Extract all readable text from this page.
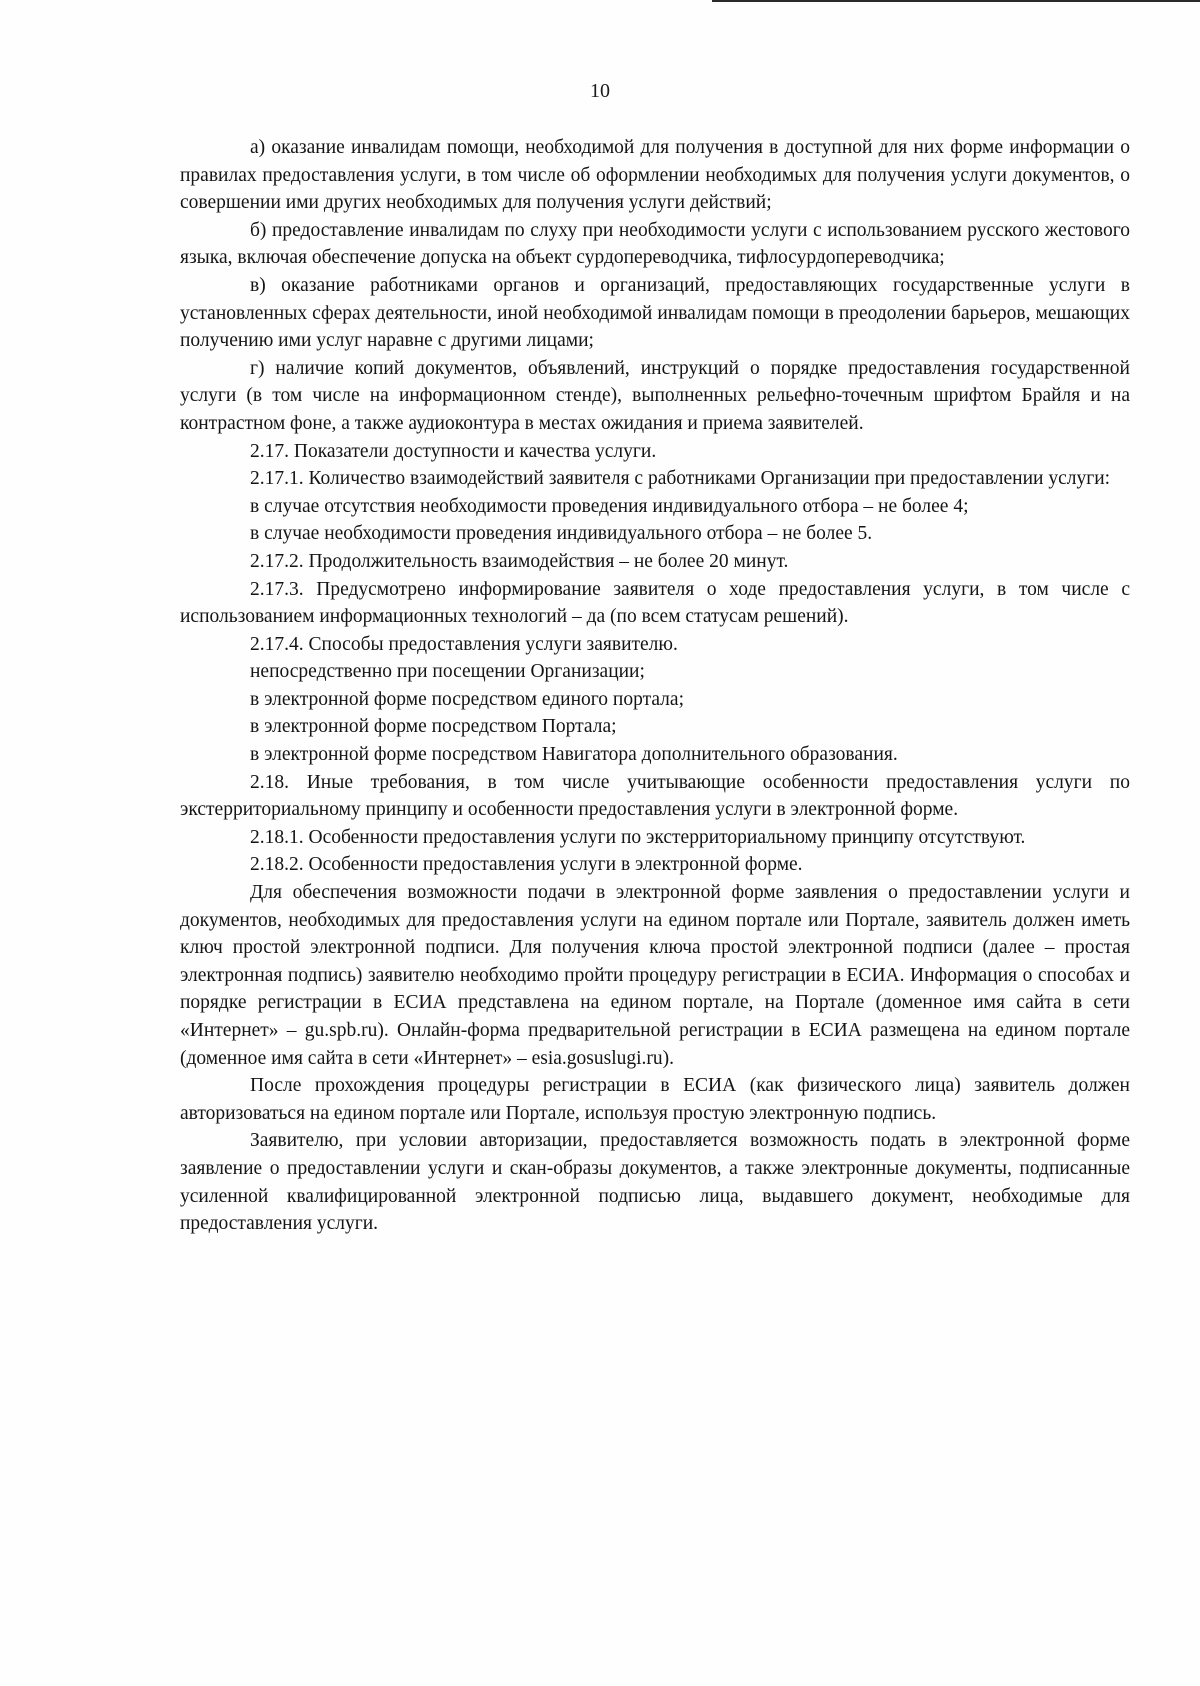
10

а) оказание инвалидам помощи, необходимой для получения в доступной для них форме информации о правилах предоставления услуги, в том числе об оформлении необходимых для получения услуги документов, о совершении ими других необходимых для получения услуги действий;

б) предоставление инвалидам по слуху при необходимости услуги с использованием русского жестового языка, включая обеспечение допуска на объект сурдопереводчика, тифлосурдопереводчика;

в) оказание работниками органов и организаций, предоставляющих государственные услуги в установленных сферах деятельности, иной необходимой инвалидам помощи в преодолении барьеров, мешающих получению ими услуг наравне с другими лицами;

г) наличие копий документов, объявлений, инструкций о порядке предоставления государственной услуги (в том числе на информационном стенде), выполненных рельефно-точечным шрифтом Брайля и на контрастном фоне, а также аудиоконтура в местах ожидания и приема заявителей.

2.17. Показатели доступности и качества услуги.

2.17.1. Количество взаимодействий заявителя с работниками Организации при предоставлении услуги:

в случае отсутствия необходимости проведения индивидуального отбора – не более 4;

в случае необходимости проведения индивидуального отбора – не более 5.

2.17.2. Продолжительность взаимодействия – не более 20 минут.

2.17.3. Предусмотрено информирование заявителя о ходе предоставления услуги, в том числе с использованием информационных технологий – да (по всем статусам решений).

2.17.4. Способы предоставления услуги заявителю.

непосредственно при посещении Организации;

в электронной форме посредством единого портала;

в электронной форме посредством Портала;

в электронной форме посредством Навигатора дополнительного образования.

2.18. Иные требования, в том числе учитывающие особенности предоставления услуги по экстерриториальному принципу и особенности предоставления услуги в электронной форме.

2.18.1. Особенности предоставления услуги по экстерриториальному принципу отсутствуют.

2.18.2. Особенности предоставления услуги в электронной форме.

Для обеспечения возможности подачи в электронной форме заявления о предоставлении услуги и документов, необходимых для предоставления услуги на едином портале или Портале, заявитель должен иметь ключ простой электронной подписи. Для получения ключа простой электронной подписи (далее – простая электронная подпись) заявителю необходимо пройти процедуру регистрации в ЕСИА. Информация о способах и порядке регистрации в ЕСИА представлена на едином портале, на Портале (доменное имя сайта в сети «Интернет» – gu.spb.ru). Онлайн-форма предварительной регистрации в ЕСИА размещена на едином портале (доменное имя сайта в сети «Интернет» – esia.gosuslugi.ru).

После прохождения процедуры регистрации в ЕСИА (как физического лица) заявитель должен авторизоваться на едином портале или Портале, используя простую электронную подпись.

Заявителю, при условии авторизации, предоставляется возможность подать в электронной форме заявление о предоставлении услуги и скан-образы документов, а также электронные документы, подписанные усиленной квалифицированной электронной подписью лица, выдавшего документ, необходимые для предоставления услуги.
